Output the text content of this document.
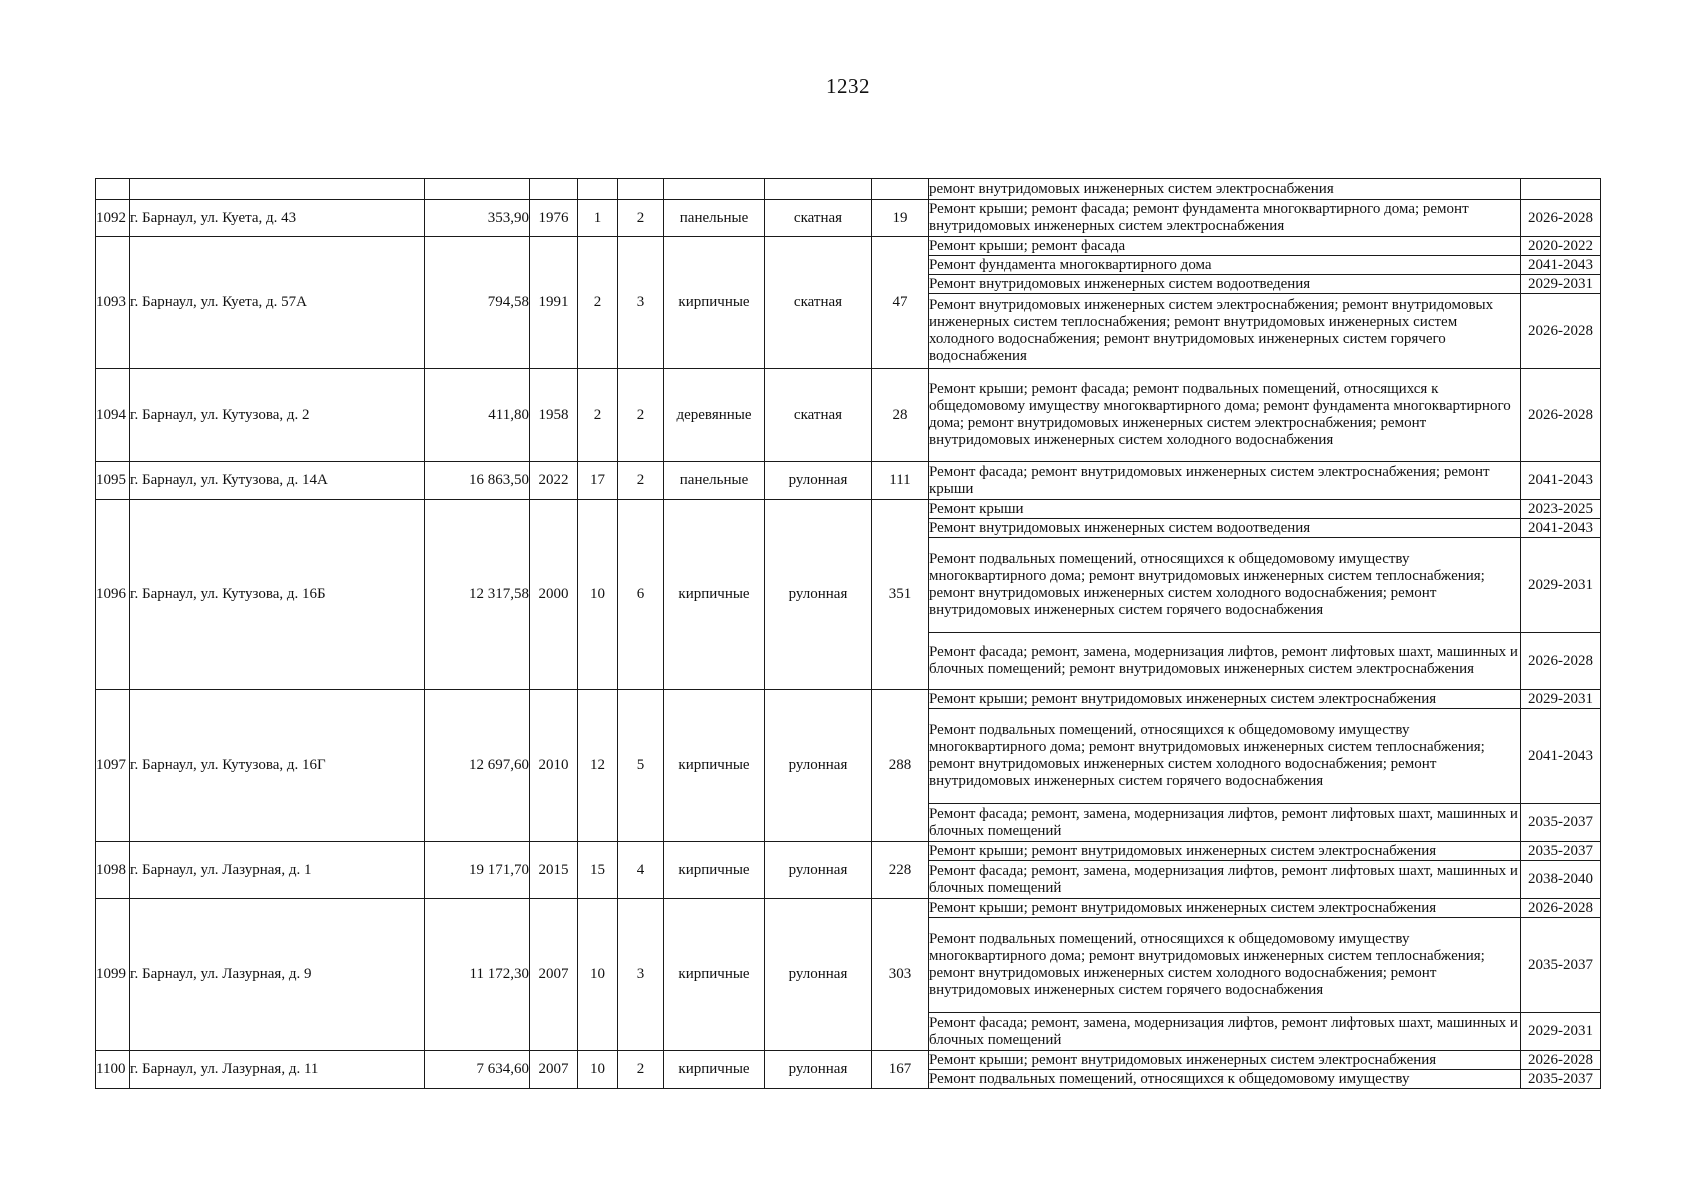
1232
									ремонт внутридомовых инженерных систем электроснабжения	
1092	г. Барнаул, ул. Куета, д. 43	353,90	1976	1	2	панельные	скатная	19	Ремонт крыши; ремонт фасада; ремонт фундамента многоквартирного дома; ремонт внутридомовых инженерных систем электроснабжения	2026-2028
1093	г. Барнаул, ул. Куета, д. 57А	794,58	1991	2	3	кирпичные	скатная	47	Ремонт крыши; ремонт фасада	2020-2022
									Ремонт фундамента многоквартирного дома	2041-2043
									Ремонт внутридомовых инженерных систем водоотведения	2029-2031
									Ремонт внутридомовых инженерных систем электроснабжения; ремонт внутридомовых инженерных систем теплоснабжения; ремонт внутридомовых инженерных систем холодного водоснабжения; ремонт внутридомовых инженерных систем горячего водоснабжения	2026-2028
1094	г. Барнаул, ул. Кутузова, д. 2	411,80	1958	2	2	деревянные	скатная	28	Ремонт крыши; ремонт фасада; ремонт подвальных помещений, относящихся к общедомовому имуществу многоквартирного дома; ремонт фундамента многоквартирного дома; ремонт внутридомовых инженерных систем электроснабжения; ремонт внутридомовых инженерных систем холодного водоснабжения	2026-2028
1095	г. Барнаул, ул. Кутузова, д. 14А	16 863,50	2022	17	2	панельные	рулонная	111	Ремонт фасада; ремонт внутридомовых инженерных систем электроснабжения; ремонт крыши	2041-2043
1096	г. Барнаул, ул. Кутузова, д. 16Б	12 317,58	2000	10	6	кирпичные	рулонная	351	Ремонт крыши	2023-2025
									Ремонт внутридомовых инженерных систем водоотведения	2041-2043
									Ремонт подвальных помещений, относящихся к общедомовому имуществу многоквартирного дома; ремонт внутридомовых инженерных систем теплоснабжения; ремонт внутридомовых инженерных систем холодного водоснабжения; ремонт внутридомовых инженерных систем горячего водоснабжения	2029-2031
									Ремонт фасада; ремонт, замена, модернизация лифтов, ремонт лифтовых шахт, машинных и блочных помещений; ремонт внутридомовых инженерных систем электроснабжения	2026-2028
1097	г. Барнаул, ул. Кутузова, д. 16Г	12 697,60	2010	12	5	кирпичные	рулонная	288	Ремонт крыши; ремонт внутридомовых инженерных систем электроснабжения	2029-2031
									Ремонт подвальных помещений, относящихся к общедомовому имуществу многоквартирного дома; ремонт внутридомовых инженерных систем теплоснабжения; ремонт внутридомовых инженерных систем холодного водоснабжения; ремонт внутридомовых инженерных систем горячего водоснабжения	2041-2043
									Ремонт фасада; ремонт, замена, модернизация лифтов, ремонт лифтовых шахт, машинных и блочных помещений	2035-2037
1098	г. Барнаул, ул. Лазурная, д. 1	19 171,70	2015	15	4	кирпичные	рулонная	228	Ремонт крыши; ремонт внутридомовых инженерных систем электроснабжения	2035-2037
									Ремонт фасада; ремонт, замена, модернизация лифтов, ремонт лифтовых шахт, машинных и блочных помещений	2038-2040
1099	г. Барнаул, ул. Лазурная, д. 9	11 172,30	2007	10	3	кирпичные	рулонная	303	Ремонт крыши; ремонт внутридомовых инженерных систем электроснабжения	2026-2028
									Ремонт подвальных помещений, относящихся к общедомовому имуществу многоквартирного дома; ремонт внутридомовых инженерных систем теплоснабжения; ремонт внутридомовых инженерных систем холодного водоснабжения; ремонт внутридомовых инженерных систем горячего водоснабжения	2035-2037
									Ремонт фасада; ремонт, замена, модернизация лифтов, ремонт лифтовых шахт, машинных и блочных помещений	2029-2031
1100	г. Барнаул, ул. Лазурная, д. 11	7 634,60	2007	10	2	кирпичные	рулонная	167	Ремонт крыши; ремонт внутридомовых инженерных систем электроснабжения	2026-2028
									Ремонт подвальных помещений, относящихся к общедомовому имуществу	2035-2037
